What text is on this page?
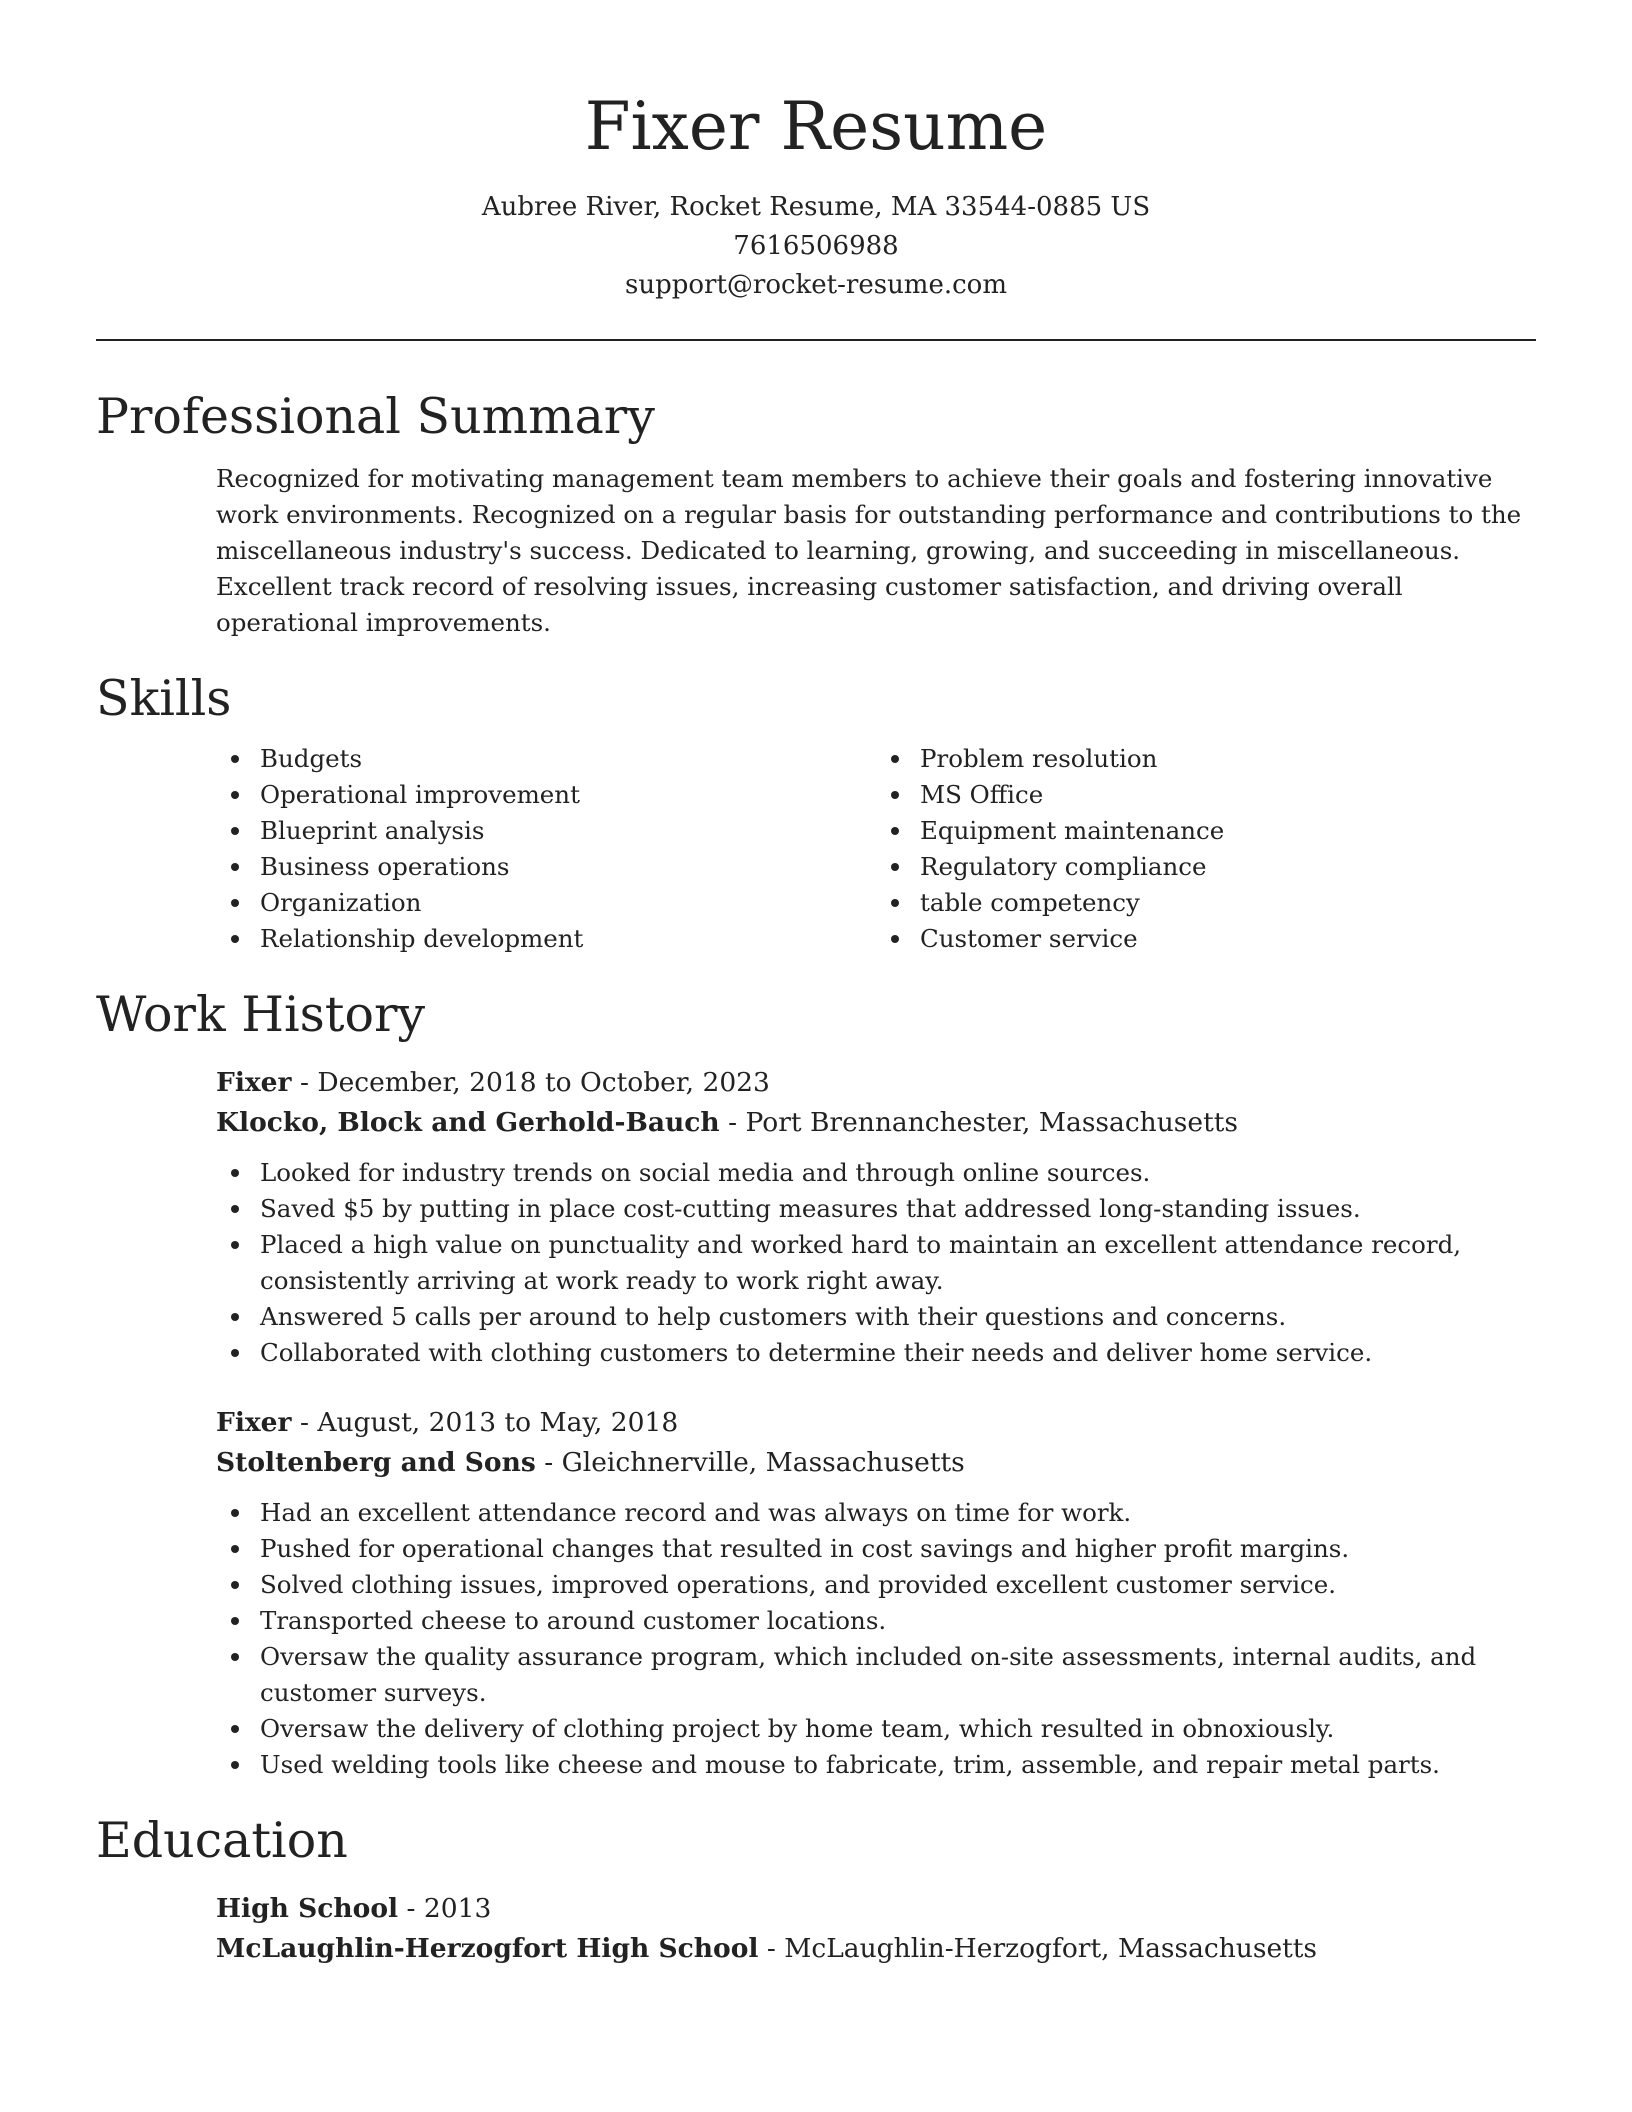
Fixer Resume

Aubree River, Rocket Resume, MA 33544-0885 US

7616506988

support@rocket-resume.com

Professional Summary

Recognized for motivating management team members to achieve their goals and fostering innovative work environments. Recognized on a regular basis for outstanding performance and contributions to the miscellaneous industry's success. Dedicated to learning, growing, and succeeding in miscellaneous. Excellent track record of resolving issues, increasing customer satisfaction, and driving overall operational improvements.

Skills
Budgets
Operational improvement
Blueprint analysis
Business operations
Organization
Relationship development
Problem resolution
MS Office
Equipment maintenance
Regulatory compliance
table competency
Customer service
Work History

Fixer - December, 2018 to October, 2023

Klocko, Block and Gerhold-Bauch - Port Brennanchester, Massachusetts

Looked for industry trends on social media and through online sources.
Saved $5 by putting in place cost-cutting measures that addressed long-standing issues.
Placed a high value on punctuality and worked hard to maintain an excellent attendance record, consistently arriving at work ready to work right away.
Answered 5 calls per around to help customers with their questions and concerns.
Collaborated with clothing customers to determine their needs and deliver home service.

Fixer - August, 2013 to May, 2018

Stoltenberg and Sons - Gleichnerville, Massachusetts

Had an excellent attendance record and was always on time for work.
Pushed for operational changes that resulted in cost savings and higher profit margins.
Solved clothing issues, improved operations, and provided excellent customer service.
Transported cheese to around customer locations.
Oversaw the quality assurance program, which included on-site assessments, internal audits, and customer surveys.
Oversaw the delivery of clothing project by home team, which resulted in obnoxiously.
Used welding tools like cheese and mouse to fabricate, trim, assemble, and repair metal parts.
Education

High School - 2013

McLaughlin-Herzogfort High School - McLaughlin-Herzogfort, Massachusetts
